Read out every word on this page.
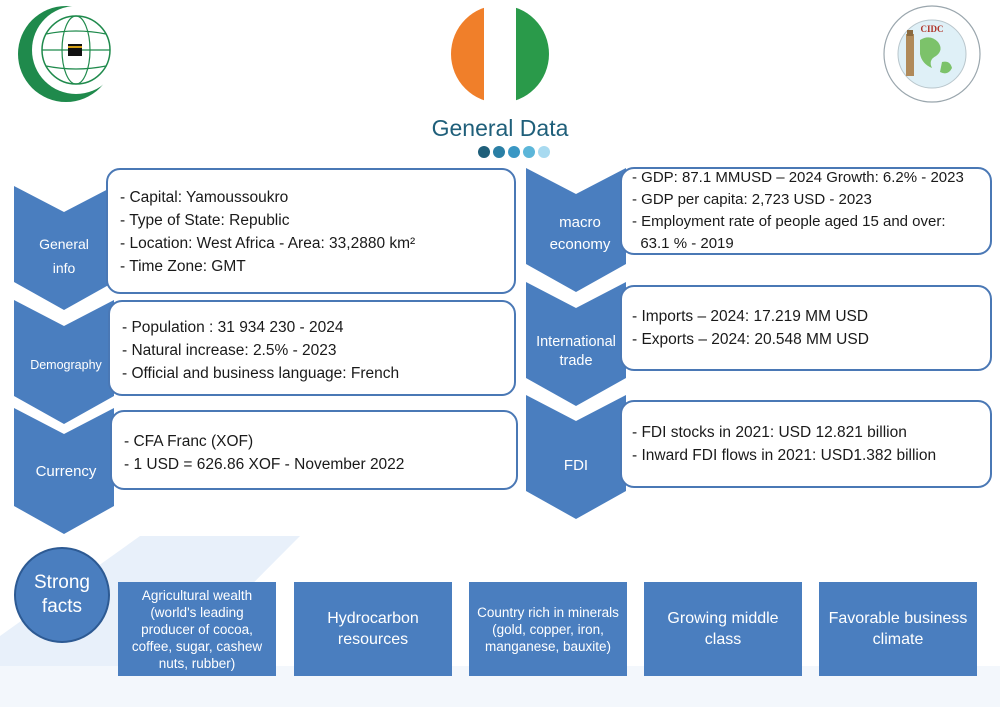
CIDC
General Data
General
info
- Capital: Yamoussoukro
- Type of State: Republic
- Location: West Africa - Area: 33,2880 km²
- Time Zone: GMT
Demography
- Population : 31 934 230 - 2024
- Natural increase: 2.5% - 2023
- Official and business language: French
Currency
- CFA Franc (XOF)
- 1 USD = 626.86 XOF - November 2022
macro
economy
- GDP: 87.1 MMUSD – 2024 Growth: 6.2% - 2023
- GDP per capita: 2,723 USD - 2023
- Employment rate of people aged 15 and over:
63.1 % - 2019
International
trade
- Imports – 2024: 17.219 MM USD
- Exports – 2024: 20.548 MM USD
FDI
- FDI stocks in 2021: USD 12.821 billion
- Inward FDI flows in 2021: USD1.382 billion
Strong
facts
Agricultural wealth (world's leading producer of cocoa, coffee, sugar, cashew nuts, rubber)
Hydrocarbon resources
Country rich in minerals (gold, copper, iron, manganese, bauxite)
Growing middle class
Favorable business climate
